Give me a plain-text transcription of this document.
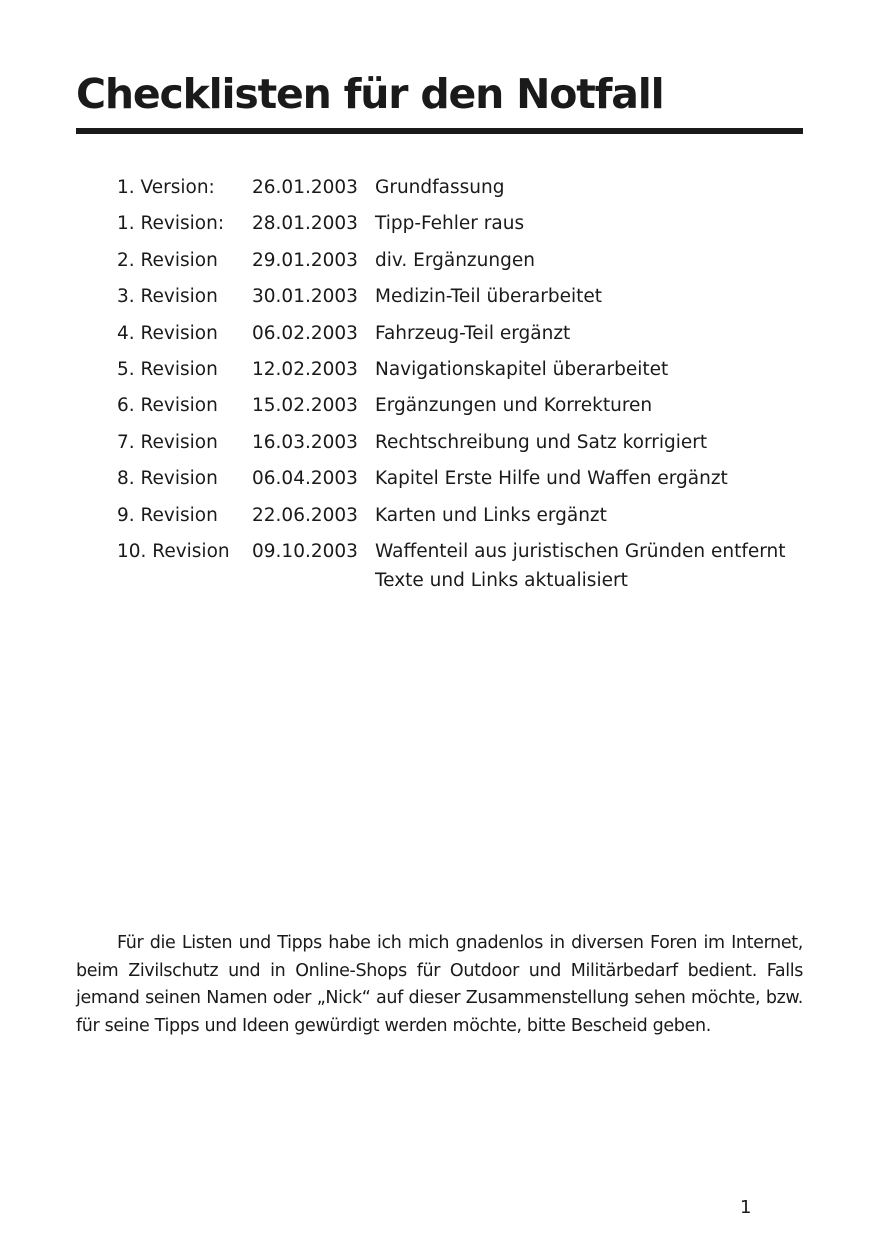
Checklisten für den Notfall
1. Version:	26.01.2003	Grundfassung

1. Revision:	28.01.2003	Tipp-Fehler raus

2. Revision	29.01.2003	div. Ergänzungen

3. Revision	30.01.2003	Medizin-Teil überarbeitet

4. Revision	06.02.2003	Fahrzeug-Teil ergänzt

5. Revision	12.02.2003	Navigationskapitel überarbeitet

6. Revision	15.02.2003	Ergänzungen und Korrekturen

7. Revision	16.03.2003	Rechtschreibung und Satz korrigiert

8. Revision	06.04.2003	Kapitel Erste Hilfe und Waffen ergänzt

9. Revision	22.06.2003	Karten und Links ergänzt

10. Revision	09.10.2003	Waffenteil aus juristischen Gründen entfernt
Texte und Links aktualisiert

Für die Listen und Tipps habe ich mich gnadenlos in diversen Foren im Internet, beim Zivilschutz und in Online-Shops für Outdoor und Militärbedarf bedient. Falls jemand seinen Namen oder „Nick“ auf dieser Zusammenstellung sehen möchte, bzw. für seine Tipps und Ideen gewürdigt werden möchte, bitte Bescheid geben.

1
